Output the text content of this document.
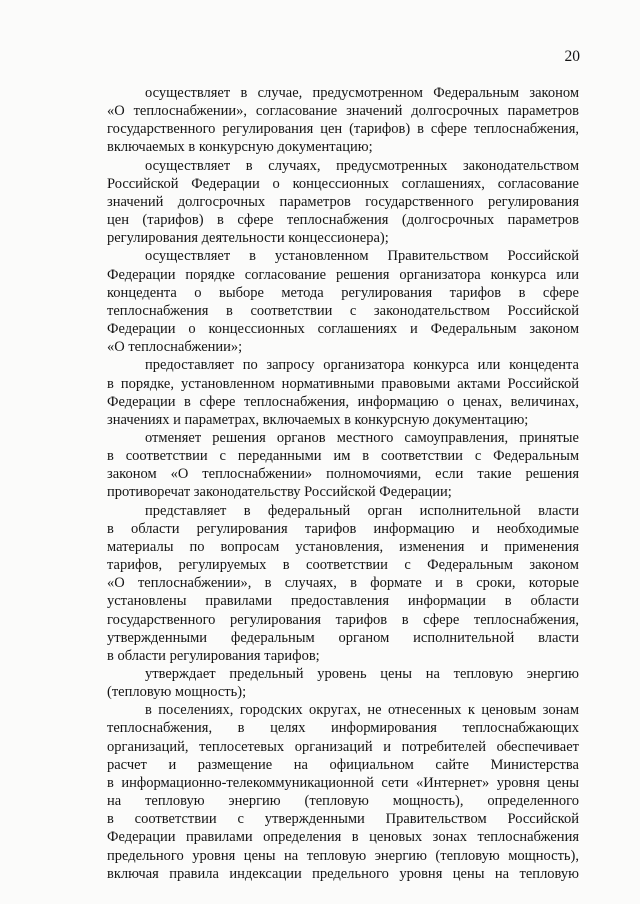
20

осуществляет в случае, предусмотренном Федеральным законом
«О теплоснабжении», согласование значений долгосрочных параметров
государственного регулирования цен (тарифов) в сфере теплоснабжения,
включаемых в конкурсную документацию;

осуществляет в случаях, предусмотренных законодательством
Российской Федерации о концессионных соглашениях, согласование
значений долгосрочных параметров государственного регулирования
цен (тарифов) в сфере теплоснабжения (долгосрочных параметров
регулирования деятельности концессионера);

осуществляет в установленном Правительством Российской
Федерации порядке согласование решения организатора конкурса или
концедента о выборе метода регулирования тарифов в сфере
теплоснабжения в соответствии с законодательством Российской
Федерации о концессионных соглашениях и Федеральным законом
«О теплоснабжении»;

предоставляет по запросу организатора конкурса или концедента
в порядке, установленном нормативными правовыми актами Российской
Федерации в сфере теплоснабжения, информацию о ценах, величинах,
значениях и параметрах, включаемых в конкурсную документацию;

отменяет решения органов местного самоуправления, принятые
в соответствии с переданными им в соответствии с Федеральным
законом «О теплоснабжении» полномочиями, если такие решения
противоречат законодательству Российской Федерации;

представляет в федеральный орган исполнительной власти
в области регулирования тарифов информацию и необходимые
материалы по вопросам установления, изменения и применения
тарифов, регулируемых в соответствии с Федеральным законом
«О теплоснабжении», в случаях, в формате и в сроки, которые
установлены правилами предоставления информации в области
государственного регулирования тарифов в сфере теплоснабжения,
утвержденными федеральным органом исполнительной власти
в области регулирования тарифов;

утверждает предельный уровень цены на тепловую энергию
(тепловую мощность);

в поселениях, городских округах, не отнесенных к ценовым зонам
теплоснабжения, в целях информирования теплоснабжающих
организаций, теплосетевых организаций и потребителей обеспечивает
расчет и размещение на официальном сайте Министерства
в информационно-телекоммуникационной сети «Интернет» уровня цены
на тепловую энергию (тепловую мощность), определенного
в соответствии с утвержденными Правительством Российской
Федерации правилами определения в ценовых зонах теплоснабжения
предельного уровня цены на тепловую энергию (тепловую мощность),
включая правила индексации предельного уровня цены на тепловую
